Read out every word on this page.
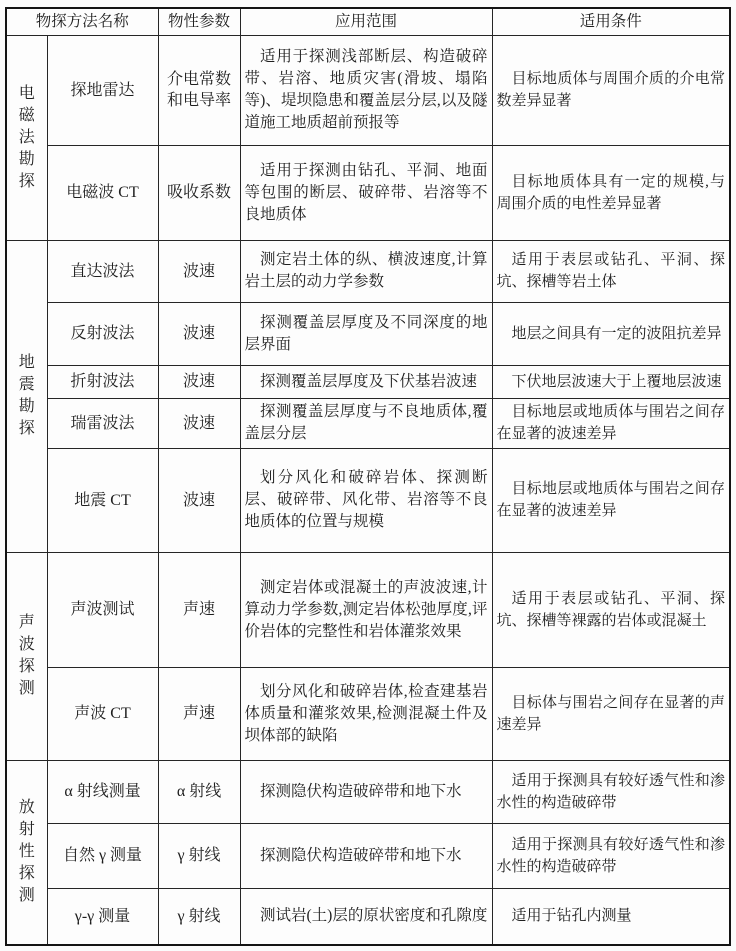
物探方法名称		物性参数	应用范围	适用条件
电磁法勘探	探地雷达	介电常数和电导率	适用于探测浅部断层、构造破碎带、岩溶、地质灾害(滑坡、塌陷等)、堤坝隐患和覆盖层分层,以及隧道施工地质超前预报等	目标地质体与周围介质的介电常数差异显著
	电磁波 CT	吸收系数	适用于探测由钻孔、平洞、地面等包围的断层、破碎带、岩溶等不良地质体	目标地质体具有一定的规模,与周围介质的电性差异显著
地震勘探	直达波法	波速	测定岩土体的纵、横波速度,计算岩土层的动力学参数	适用于表层或钻孔、平洞、探坑、探槽等岩土体
	反射波法	波速	探测覆盖层厚度及不同深度的地层界面	地层之间具有一定的波阻抗差异
	折射波法	波速	探测覆盖层厚度及下伏基岩波速	下伏地层波速大于上覆地层波速
	瑞雷波法	波速	探测覆盖层厚度与不良地质体,覆盖层分层	目标地层或地质体与围岩之间存在显著的波速差异
	地震 CT	波速	划分风化和破碎岩体、探测断层、破碎带、风化带、岩溶等不良地质体的位置与规模	目标地层或地质体与围岩之间存在显著的波速差异
声波探测	声波测试	声速	测定岩体或混凝土的声波波速,计算动力学参数,测定岩体松弛厚度,评价岩体的完整性和岩体灌浆效果	适用于表层或钻孔、平洞、探坑、探槽等裸露的岩体或混凝土
	声波 CT	声速	划分风化和破碎岩体,检查建基岩体质量和灌浆效果,检测混凝土件及坝体部的缺陷	目标体与围岩之间存在显著的声速差异
放射性探测	α 射线测量	α 射线	探测隐伏构造破碎带和地下水	适用于探测具有较好透气性和渗水性的构造破碎带
	自然 γ 测量	γ 射线	探测隐伏构造破碎带和地下水	适用于探测具有较好透气性和渗水性的构造破碎带
	γ-γ 测量	γ 射线	测试岩(土)层的原状密度和孔隙度	适用于钻孔内测量
